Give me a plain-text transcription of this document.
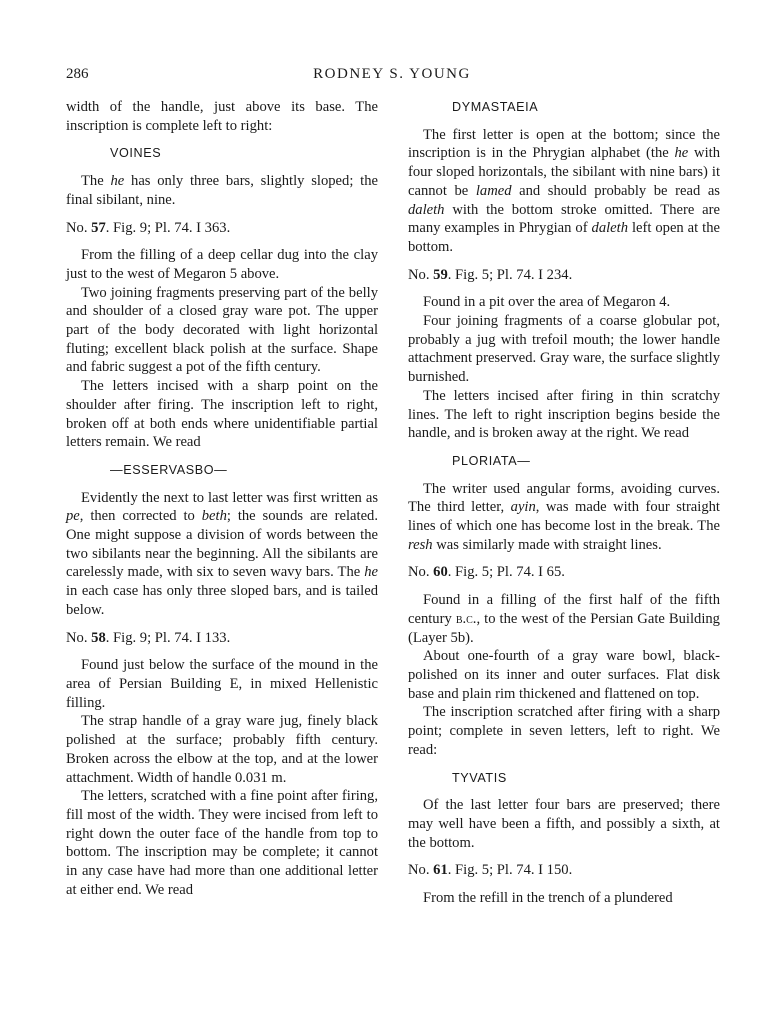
286	RODNEY S. YOUNG

width of the handle, just above its base. The inscription is complete left to right:

VOINES

The he has only three bars, slightly sloped; the final sibilant, nine.

No. 57. Fig. 9; Pl. 74. I 363.

From the filling of a deep cellar dug into the clay just to the west of Megaron 5 above.

Two joining fragments preserving part of the belly and shoulder of a closed gray ware pot. The upper part of the body decorated with light horizontal fluting; excellent black polish at the surface. Shape and fabric suggest a pot of the fifth century.

The letters incised with a sharp point on the shoulder after firing. The inscription left to right, broken off at both ends where unidentifiable partial letters remain. We read

—ESSERVASBO—

Evidently the next to last letter was first written as pe, then corrected to beth; the sounds are related. One might suppose a division of words between the two sibilants near the beginning. All the sibilants are carelessly made, with six to seven wavy bars. The he in each case has only three sloped bars, and is tailed below.

No. 58. Fig. 9; Pl. 74. I 133.

Found just below the surface of the mound in the area of Persian Building E, in mixed Hellenistic filling.

The strap handle of a gray ware jug, finely black polished at the surface; probably fifth century. Broken across the elbow at the top, and at the lower attachment. Width of handle 0.031 m.

The letters, scratched with a fine point after firing, fill most of the width. They were incised from left to right down the outer face of the handle from top to bottom. The inscription may be complete; it cannot in any case have had more than one additional letter at either end. We read

DYMASTAEIA

The first letter is open at the bottom; since the inscription is in the Phrygian alphabet (the he with four sloped horizontals, the sibilant with nine bars) it cannot be lamed and should probably be read as daleth with the bottom stroke omitted. There are many examples in Phrygian of daleth left open at the bottom.

No. 59. Fig. 5; Pl. 74. I 234.

Found in a pit over the area of Megaron 4.

Four joining fragments of a coarse globular pot, probably a jug with trefoil mouth; the lower handle attachment preserved. Gray ware, the surface slightly burnished.

The letters incised after firing in thin scratchy lines. The left to right inscription begins beside the handle, and is broken away at the right. We read

PLORIATA—

The writer used angular forms, avoiding curves. The third letter, ayin, was made with four straight lines of which one has become lost in the break. The resh was similarly made with straight lines.

No. 60. Fig. 5; Pl. 74. I 65.

Found in a filling of the first half of the fifth century b.c., to the west of the Persian Gate Building (Layer 5b).

About one-fourth of a gray ware bowl, black-polished on its inner and outer surfaces. Flat disk base and plain rim thickened and flattened on top.

The inscription scratched after firing with a sharp point; complete in seven letters, left to right. We read:

TYVATIS

Of the last letter four bars are preserved; there may well have been a fifth, and possibly a sixth, at the bottom.

No. 61. Fig. 5; Pl. 74. I 150.

From the refill in the trench of a plundered
